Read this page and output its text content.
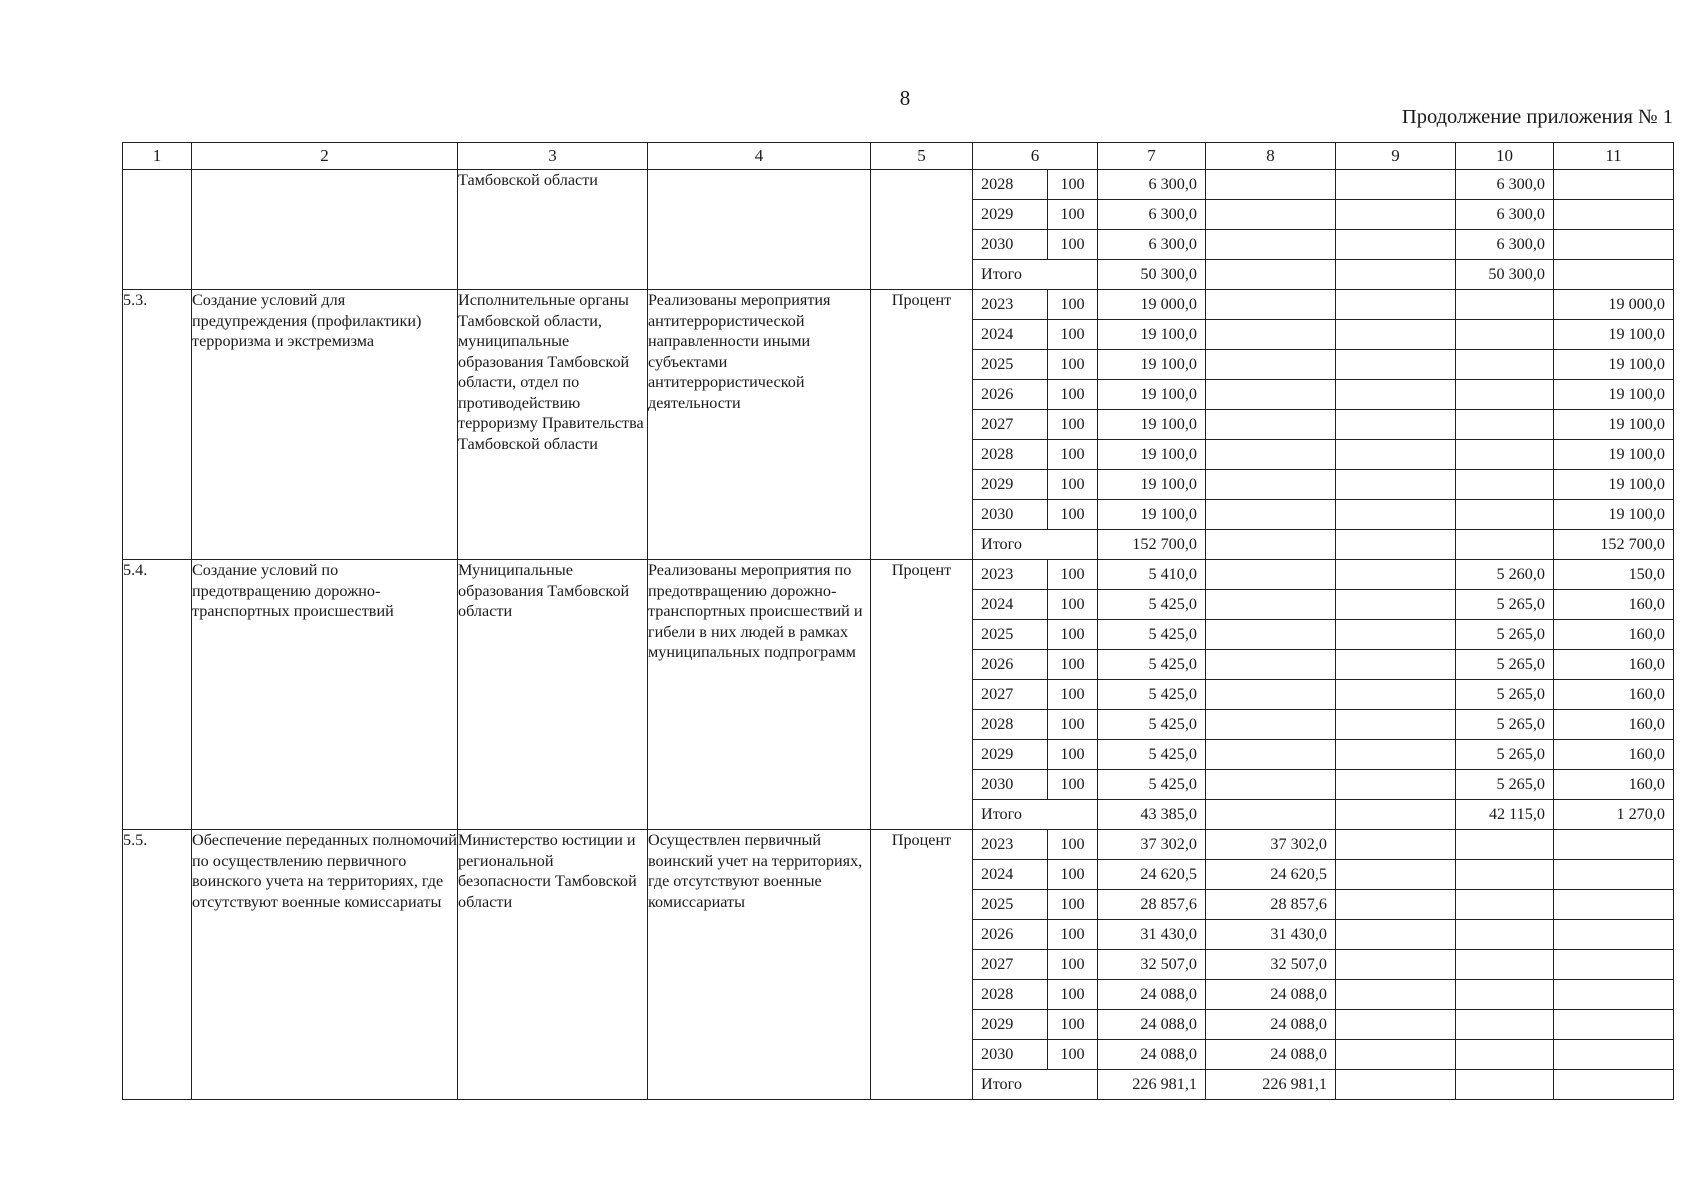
8
Продолжение приложения № 1
1	2	3	4	5	6		7	8	9	10	11
		Тамбовской области			2028	100	6 300,0			6 300,0	
					2029	100	6 300,0			6 300,0	
					2030	100	6 300,0			6 300,0	
					Итого		50 300,0			50 300,0	
5.3.	Создание условий для предупреждения (профилактики) терроризма и экстремизма	Исполнительные органы Тамбовской области, муниципальные образования Тамбовской области, отдел по противодействию терроризму Правительства Тамбовской области	Реализованы мероприятия антитеррористической направленности иными субъектами антитеррористической деятельности	Процент	2023	100	19 000,0				19 000,0
					2024	100	19 100,0				19 100,0
					2025	100	19 100,0				19 100,0
					2026	100	19 100,0				19 100,0
					2027	100	19 100,0				19 100,0
					2028	100	19 100,0				19 100,0
					2029	100	19 100,0				19 100,0
					2030	100	19 100,0				19 100,0
					Итого		152 700,0				152 700,0
5.4.	Создание условий по предотвращению дорожно-транспортных происшествий	Муниципальные образования Тамбовской области	Реализованы мероприятия по предотвращению дорожно-транспортных происшествий и гибели в них людей в рамках муниципальных подпрограмм	Процент	2023	100	5 410,0			5 260,0	150,0
					2024	100	5 425,0			5 265,0	160,0
					2025	100	5 425,0			5 265,0	160,0
					2026	100	5 425,0			5 265,0	160,0
					2027	100	5 425,0			5 265,0	160,0
					2028	100	5 425,0			5 265,0	160,0
					2029	100	5 425,0			5 265,0	160,0
					2030	100	5 425,0			5 265,0	160,0
					Итого		43 385,0			42 115,0	1 270,0
5.5.	Обеспечение переданных полномочий по осуществлению первичного воинского учета на территориях, где отсутствуют военные комиссариаты	Министерство юстиции и региональной безопасности Тамбовской области	Осуществлен первичный воинский учет на территориях, где отсутствуют военные комиссариаты	Процент	2023	100	37 302,0	37 302,0			
					2024	100	24 620,5	24 620,5			
					2025	100	28 857,6	28 857,6			
					2026	100	31 430,0	31 430,0			
					2027	100	32 507,0	32 507,0			
					2028	100	24 088,0	24 088,0			
					2029	100	24 088,0	24 088,0			
					2030	100	24 088,0	24 088,0			
					Итого		226 981,1	226 981,1			
